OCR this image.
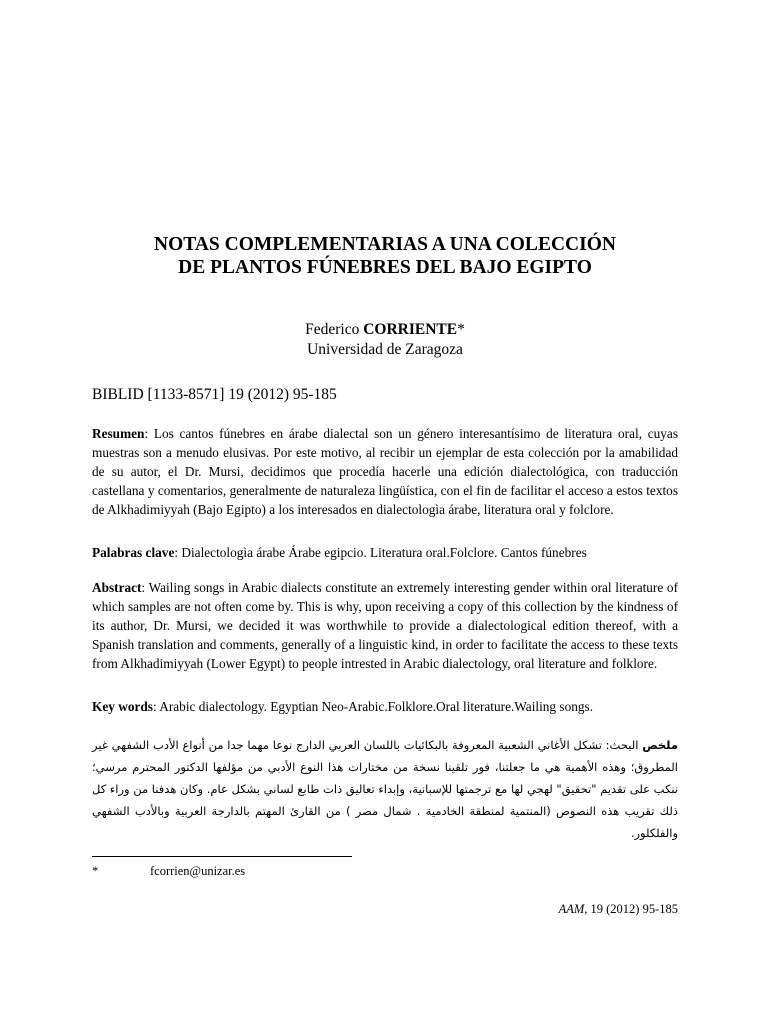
NOTAS COMPLEMENTARIAS A UNA COLECCIÓN
DE PLANTOS FÚNEBRES DEL BAJO EGIPTO
Federico CORRIENTE*
Universidad de Zaragoza
BIBLID [1133-8571] 19 (2012) 95-185
Resumen: Los cantos fúnebres en árabe dialectal son un género interesantísimo de literatura oral, cuyas muestras son a menudo elusivas. Por este motivo, al recibir un ejemplar de esta colección por la amabilidad de su autor, el Dr. Mursi, decidimos que procedía hacerle una edición dialectológica, con traducción castellana y comentarios, generalmente de naturaleza lingüística, con el fin de facilitar el acceso a estos textos de Alkhadimiyyah (Bajo Egipto) a los interesados en dialectologìa árabe, literatura oral y folclore.
Palabras clave: Dialectologìa árabe Árabe egipcio. Literatura oral.Folclore. Cantos fúnebres
Abstract: Wailing songs in Arabic dialects constitute an extremely interesting gender within oral literature of which samples are not often come by. This is why, upon receiving a copy of this collection by the kindness of its author, Dr. Mursi, we decided it was worthwhile to provide a dialectological edition thereof, with a Spanish translation and comments, generally of a linguistic kind, in order to facilitate the access to these texts from Alkhadimiyyah (Lower Egypt) to people intrested in Arabic dialectology, oral literature and folklore.
Key words: Arabic dialectology. Egyptian Neo-Arabic.Folklore.Oral literature.Wailing songs.
ملخص البحث: تشكل الأغاني الشعبية المعروفة بالبكائيات باللسان العربي الدارج نوعا مهما جدا من أنواع الأدب الشفهي غير المطروق؛ وهذه الأهمية هي ما جعلتنا، فور تلقينا نسخة من مختارات هذا النوع الأدبي من مؤلفها الدكتور المحترم مرسي؛ ننكب على تقديم "تحقيق" لهجي لها مع ترجمتها للإسبانية، وإبداء تعاليق ذات طابع لساني بشكل عام. وكان هدفنا من وراء كل ذلك تقريب هذه النصوص (المنتمية لمنطقة الخادمية . شمال مصر ) من القارئ المهتم بالدارجة العربية وبالأدب الشفهي والفلكلور.
*	fcorrien@unizar.es
AAM, 19 (2012) 95-185
